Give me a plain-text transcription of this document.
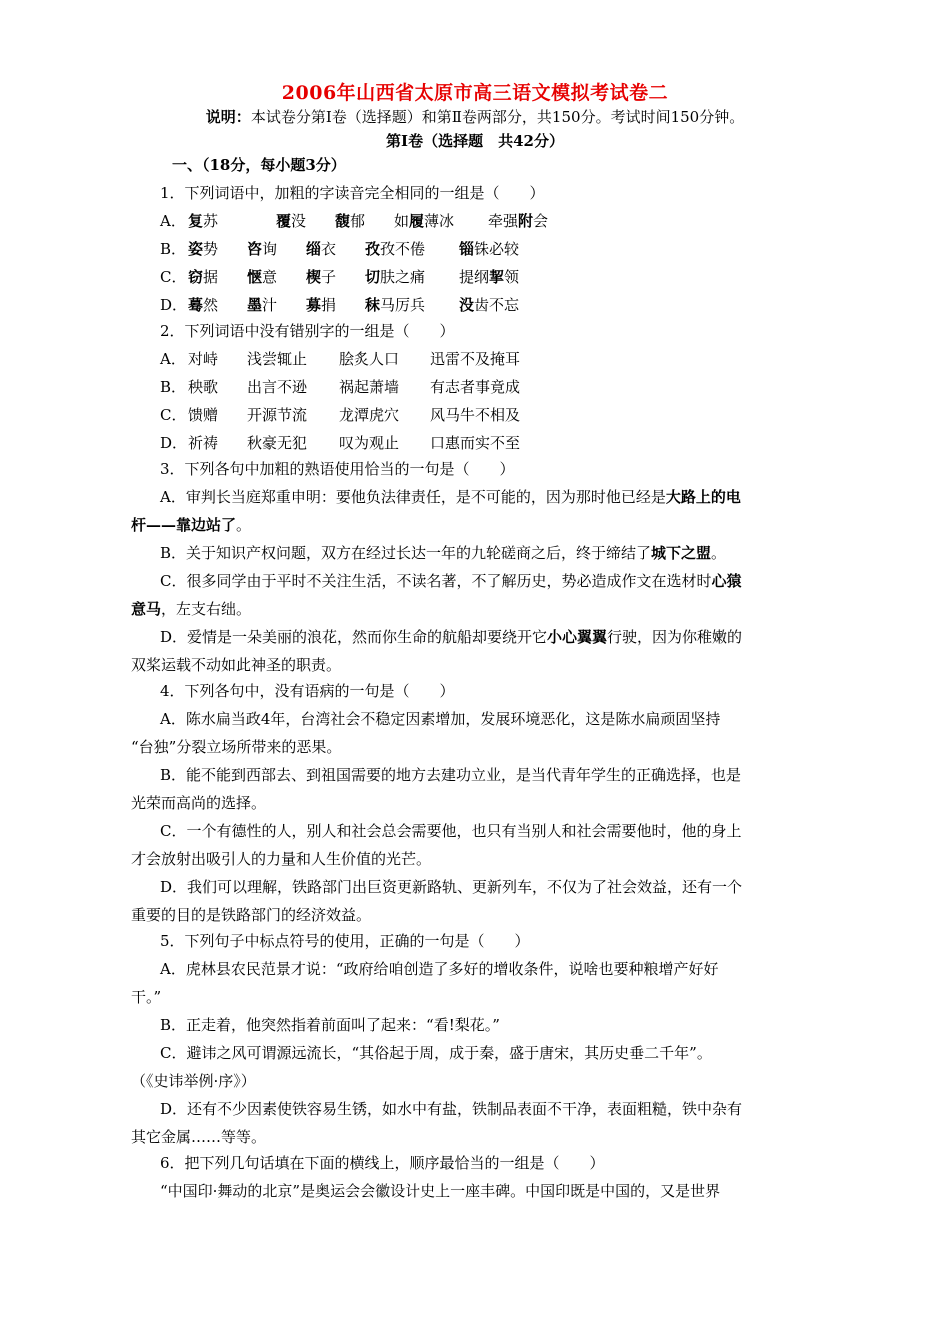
2006年山西省太原市高三语文模拟考试卷二
说明：本试卷分第Ⅰ卷（选择题）和第Ⅱ卷两部分，共150分。考试时间150分钟。
第Ⅰ卷（选择题　共42分）
一、（18分，每小题3分）
1．下列词语中，加粗的字读音完全相同的一组是（　　）
A． 复苏	覆没 馥郁 如履薄冰 牵强附会
B． 姿势 咨询 缁衣 孜孜不倦 锱铢必较
C． 窃据 惬意 楔子 切肤之痛 提纲挈领
D．蓦然 墨汁 募捐 秣马厉兵 没齿不忘
2．下列词语中没有错别字的一组是（　　）
A． 对峙 浅尝辄止 脍炙人口 迅雷不及掩耳
B． 秧歌 出言不逊 祸起萧墙 有志者事竟成
C． 馈赠 开源节流 龙潭虎穴 风马牛不相及
D．祈祷 秋豪无犯 叹为观止 口惠而实不至
3．下列各句中加粗的熟语使用恰当的一句是（　　）
A．审判长当庭郑重申明：要他负法律责任，是不可能的，因为那时他已经是大路上的电
杆——靠边站了。
B．关于知识产权问题，双方在经过长达一年的九轮磋商之后，终于缔结了城下之盟。
C．很多同学由于平时不关注生活，不读名著，不了解历史，势必造成作文在选材时心猿
意马，左支右绌。
D．爱情是一朵美丽的浪花，然而你生命的航船却要绕开它小心翼翼行驶，因为你稚嫩的
双桨运载不动如此神圣的职责。
4．下列各句中，没有语病的一句是（　　）
A．陈水扁当政4年，台湾社会不稳定因素增加，发展环境恶化，这是陈水扁顽固坚持
“台独”分裂立场所带来的恶果。
B．能不能到西部去、到祖国需要的地方去建功立业，是当代青年学生的正确选择，也是
光荣而高尚的选择。
C．一个有德性的人，别人和社会总会需要他，也只有当别人和社会需要他时，他的身上
才会放射出吸引人的力量和人生价值的光芒。
D．我们可以理解，铁路部门出巨资更新路轨、更新列车，不仅为了社会效益，还有一个
重要的目的是铁路部门的经济效益。
5．下列句子中标点符号的使用，正确的一句是（　　）
A．虎林县农民范景才说：“政府给咱创造了多好的增收条件，说啥也要种粮增产好好
干。”
B．正走着，他突然指着前面叫了起来：“看!梨花。”
C．避讳之风可谓源远流长，“其俗起于周，成于秦，盛于唐宋，其历史垂二千年”。
（《史讳举例·序》）
D．还有不少因素使铁容易生锈，如水中有盐，铁制品表面不干净，表面粗糙，铁中杂有
其它金属……等等。
6．把下列几句话填在下面的横线上，顺序最恰当的一组是（　　）
“中国印·舞动的北京”是奥运会会徽设计史上一座丰碑。中国印既是中国的，又是世界
